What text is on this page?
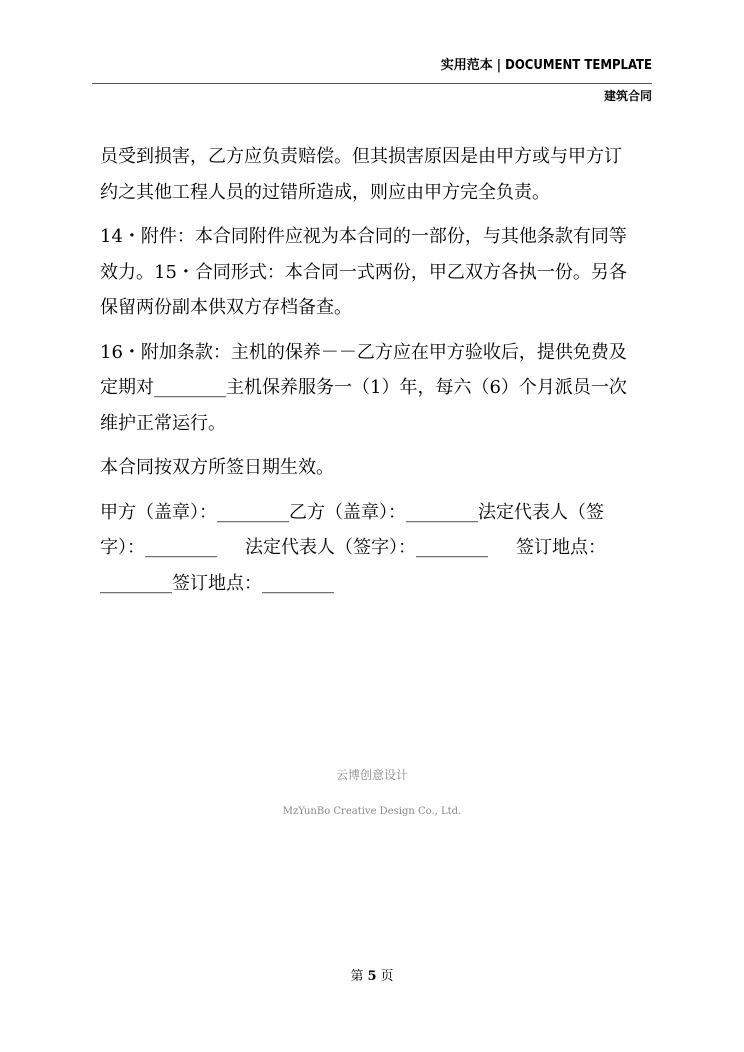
实用范本 | DOCUMENT TEMPLATE
建筑合同

员受到损害，乙方应负责赔偿。但其损害原因是由甲方或与甲方订

约之其他工程人员的过错所造成，则应由甲方完全负责。

14・附件：本合同附件应视为本合同的一部份，与其他条款有同等

效力。15・合同形式：本合同一式两份，甲乙双方各执一份。另各

保留两份副本供双方存档备查。

16・附加条款：主机的保养－－乙方应在甲方验收后，提供免费及

定期对________主机保养服务一（1）年，每六（6）个月派员一次

维护正常运行。

本合同按双方所签日期生效。

甲方（盖章）：________乙方（盖章）：________法定代表人（签

字）：________ 法定代表人（签字）：________ 签订地点：

________签订地点：________

云博创意设计
MzYunBo Creative Design Co., Ltd.
第 5 页
